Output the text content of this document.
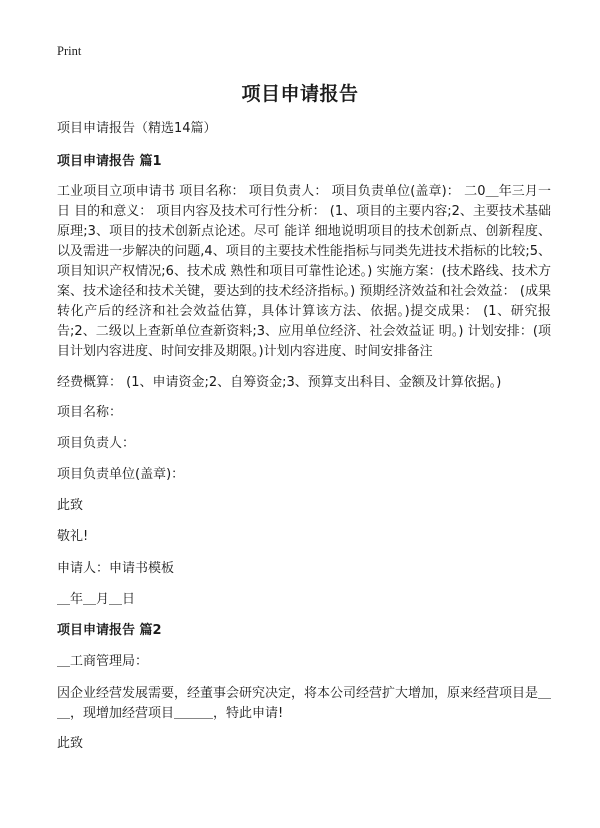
Print
项目申请报告

项目申请报告（精选14篇）

项目申请报告 篇1

工业项目立项申请书 项目名称： 项目负责人： 项目负责单位(盖章)： 二0＿年三月一日 目的和意义： 项目内容及技术可行性分析： (1、项目的主要内容;2、主要技术基础原理;3、项目的技术创新点论述。尽可 能详 细地说明项目的技术创新点、创新程度、以及需进一步解决的问题,4、项目的主要技术性能指标与同类先进技术指标的比较;5、项目知识产权情况;6、技术成 熟性和项目可靠性论述。) 实施方案：(技术路线、技术方案、技术途径和技术关键，要达到的技术经济指标。) 预期经济效益和社会效益： (成果转化产后的经济和社会效益估算，具体计算该方法、依据。)提交成果： (1、研究报告;2、二级以上查新单位查新资料;3、应用单位经济、社会效益证 明。) 计划安排：(项目计划内容进度、时间安排及期限。)计划内容进度、时间安排备注

经费概算： (1、申请资金;2、自筹资金;3、预算支出科目、金额及计算依据。)

项目名称：

项目负责人：

项目负责单位(盖章)：

此致

敬礼!

申请人：申请书模板

＿年＿月＿日

项目申请报告 篇2

＿工商管理局：

因企业经营发展需要，经董事会研究决定，将本公司经营扩大增加，原来经营项目是＿＿，现增加经营项目＿＿＿，特此申请!

此致
